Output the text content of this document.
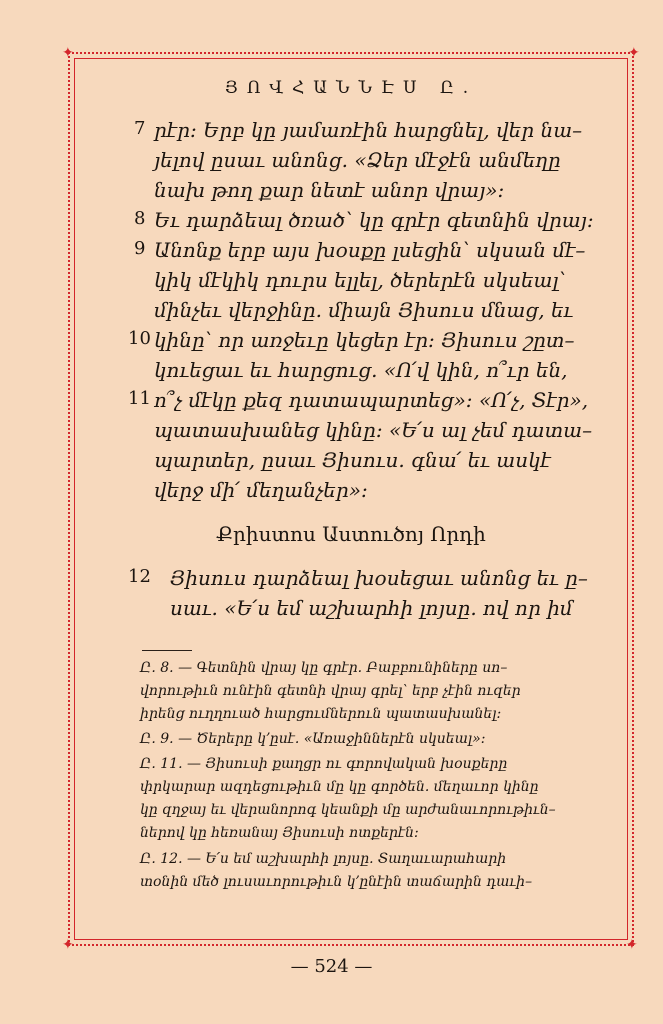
✦	✦
✦	✦
ՅՈՎՀԱՆՆԷՍ Ը.
7 րէր։ Երբ կը յամառէին հարցնել, վեր նա–
յելով ըսաւ անոնց. «Ձեր մէջէն անմեղը
նախ թող քար նետէ անոր վրայ»։
8 Եւ դարձեալ ծռած՝ կը գրէր գետնին վրայ։
9 Անոնք երբ այս խօսքը լսեցին՝ սկսան մէ–
կիկ մէկիկ դուրս ելլել, ծերերէն սկսեալ՝
մինչեւ վերջինը. միայն Յիսուս մնաց, եւ
10 կինը՝ որ առջեւը կեցեր էր։ Յիսուս շըտ–
կուեցաւ եւ հարցուց. «Ո՛վ կին, ո՞ւր են,
11 ո՞չ մէկը քեզ դատապարտեց»։ «Ո՛չ, Տէր»,
պատասխանեց կինը։ «Ե՛ս ալ չեմ դատա–
պարտեր, ըսաւ Յիսուս. գնա՛ եւ ասկէ
վերջ մի՛ մեղանչեր»։
Քրիստոս Աստուծոյ Որդի
12 Յիսուս դարձեալ խօսեցաւ անոնց եւ ը–
սաւ. «Ե՛ս եմ աշխարհի լոյսը. ով որ իմ
Ը. 8. — Գետնին վրայ կը գրէր. Բաբբունիները սո–
վորութիւն ունէին գետնի վրայ գրել՝ երբ չէին ուզեր
իրենց ուղղուած հարցումներուն պատասխանել։
Ը. 9. — Ծերերը կ՚ըսէ. «Առաջիններէն սկսեալ»։
Ը. 11. — Յիսուսի քաղցր ու գորովական խօսքերը
փրկարար ազդեցութիւն մը կը գործեն. մեղաւոր կինը
կը զղջայ եւ վերանորոգ կեանքի մը արժանաւորութիւն–
ներով կը հեռանայ Յիսուսի ոտքերէն։
Ը. 12. — Ե՛ս եմ աշխարհի լոյսը. Տաղաւարահարի
տօնին մեծ լուսաւորութիւն կ՚ընէին տաճարին դաւի–
— 524 —
